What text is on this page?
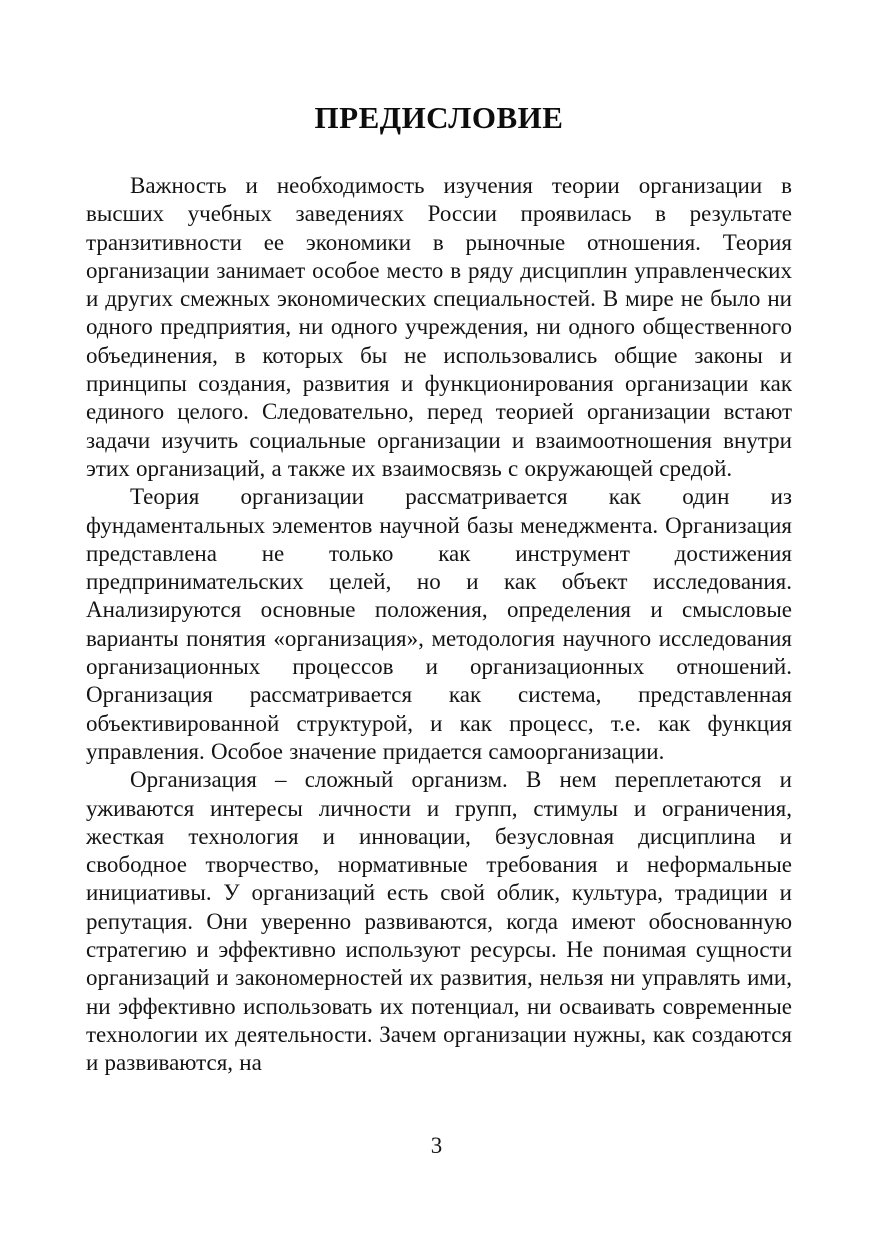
ПРЕДИСЛОВИЕ

Важность и необходимость изучения теории организации в высших учебных заведениях России проявилась в результате транзитивности ее экономики в рыночные отношения. Теория организации занимает особое место в ряду дисциплин управленческих и других смежных экономических специальностей. В мире не было ни одного предприятия, ни одного учреждения, ни одного общественного объединения, в которых бы не использовались общие законы и принципы создания, развития и функционирования организации как единого целого. Следовательно, перед теорией организации встают задачи изучить социальные организации и взаимоотношения внутри этих организаций, а также их взаимосвязь с окружающей средой.

Теория организации рассматривается как один из фундаментальных элементов научной базы менеджмента. Организация представлена не только как инструмент достижения предпринимательских целей, но и как объект исследования. Анализируются основные положения, определения и смысловые варианты понятия «организация», методология научного исследования организационных процессов и организационных отношений. Организация рассматривается как система, представленная объективированной структурой, и как процесс, т.е. как функция управления. Особое значение придается самоорганизации.

Организация – сложный организм. В нем переплетаются и уживаются интересы личности и групп, стимулы и ограничения, жесткая технология и инновации, безусловная дисциплина и свободное творчество, нормативные требования и неформальные инициативы. У организаций есть свой облик, культура, традиции и репутация. Они уверенно развиваются, когда имеют обоснованную стратегию и эффективно используют ресурсы. Не понимая сущности организаций и закономерностей их развития, нельзя ни управлять ими, ни эффективно использовать их потенциал, ни осваивать современные технологии их деятельности. Зачем организации нужны, как создаются и развиваются, на

3
